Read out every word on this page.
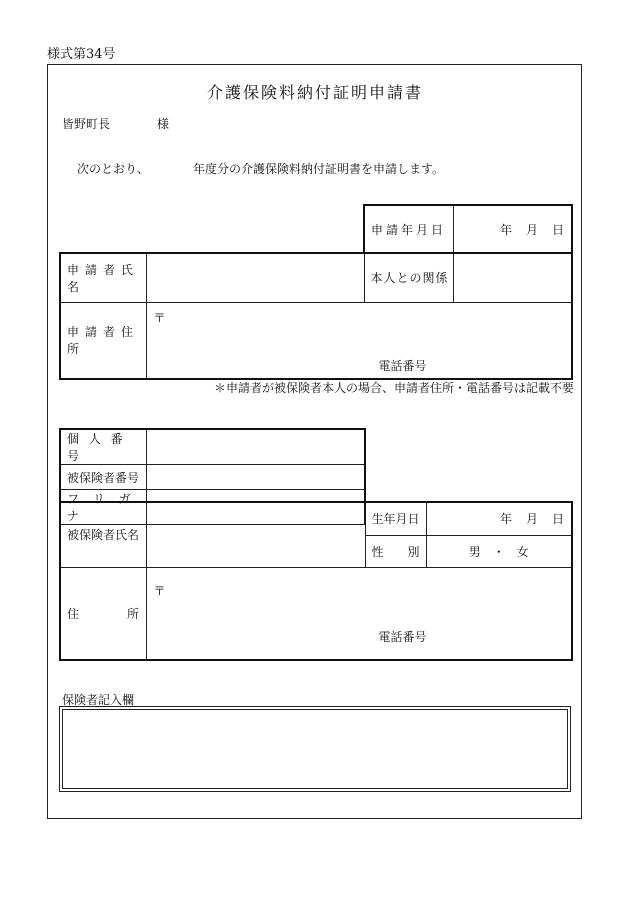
様式第34号
介護保険料納付証明申請書
皆野町長	様
次のとおり、	年度分の介護保険料納付証明書を申請します。
申請年月日	年　月　日
申請者氏名		本人との関係	
申請者住所	〒
電話番号		
＊申請者が被保険者本人の場合、申請者住所・電話番号は記載不要
個 人 番 号	
被保険者番号	
フ リ ガ ナ	
被保険者氏名		生年月日	年　月　日
		性　　別	男　・　女
住　　　　所	〒
電話番号		
保険者記入欄
